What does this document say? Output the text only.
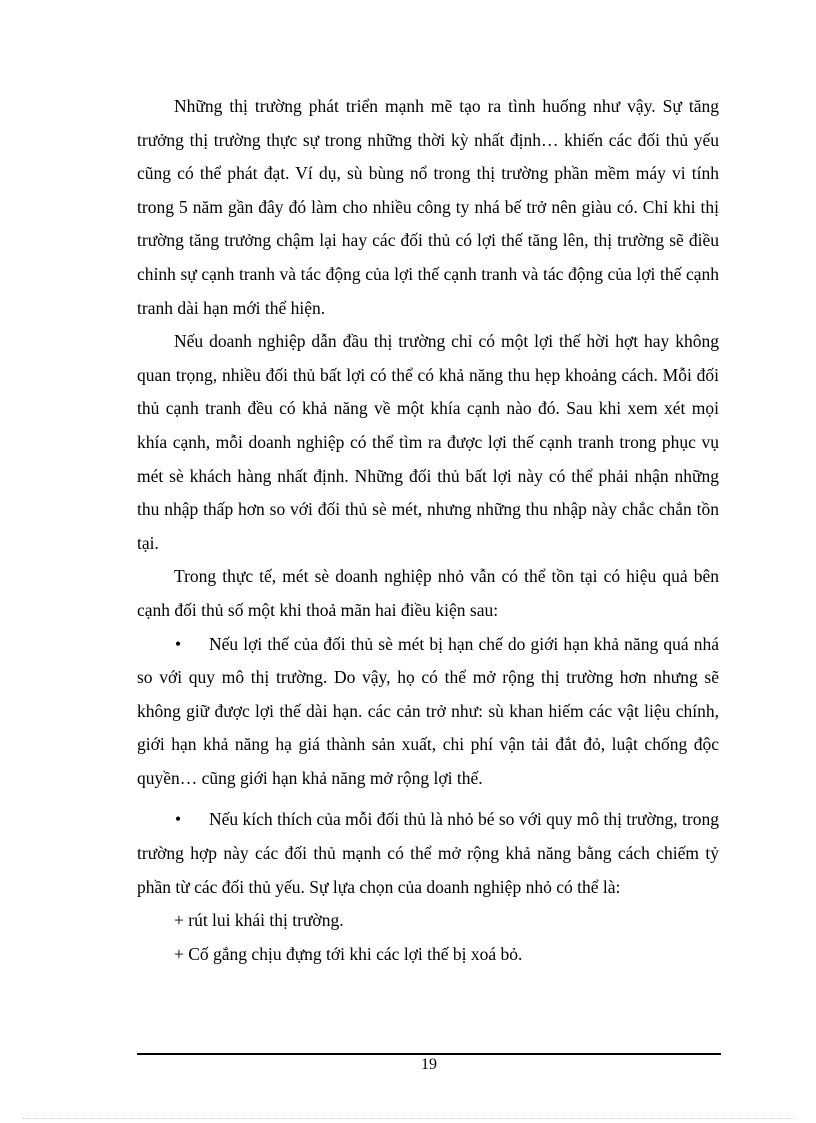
Những thị trường phát triển mạnh mẽ tạo ra tình huống như vậy. Sự tăng trưởng thị trường thực sự trong những thời kỳ nhất định… khiến các đối thủ yếu cũng có thể phát đạt. Ví dụ, sù bùng nổ trong thị trường phần mềm máy vi tính trong 5 năm gần đây đó làm cho nhiều công ty nhá bế trở nên giàu có. Chỉ khi thị trường tăng trưởng chậm lại hay các đối thủ có lợi thế tăng lên, thị trường sẽ điều chỉnh sự cạnh tranh và tác động của lợi thế cạnh tranh và tác động của lợi thế cạnh tranh dài hạn mới thể hiện.

Nếu doanh nghiệp dẫn đầu thị trường chỉ có một lợi thế hời hợt hay không quan trọng, nhiều đối thủ bất lợi có thể có khả năng thu hẹp khoảng cách. Mỗi đối thủ cạnh tranh đều có khả năng về một khía cạnh nào đó. Sau khi xem xét mọi khía cạnh, mỗi doanh nghiệp có thể tìm ra được lợi thế cạnh tranh trong phục vụ mét sè khách hàng nhất định. Những đối thủ bất lợi này có thể phải nhận những thu nhập thấp hơn so với đối thủ sè mét, nhưng những thu nhập này chắc chắn tồn tại.

Trong thực tế, mét sè doanh nghiệp nhỏ vẫn có thể tồn tại có hiệu quả bên cạnh đối thủ số một khi thoả mãn hai điều kiện sau:

• Nếu lợi thế của đối thủ sè mét bị hạn chế do giới hạn khả năng quá nhá so với quy mô thị trường. Do vậy, họ có thể mở rộng thị trường hơn nhưng sẽ không giữ được lợi thế dài hạn. các cản trở như: sù khan hiếm các vật liệu chính, giới hạn khả năng hạ giá thành sản xuất, chi phí vận tải đắt đỏ, luật chống độc quyền… cũng giới hạn khả năng mở rộng lợi thế.

• Nếu kích thích của mỗi đối thủ là nhỏ bé so với quy mô thị trường, trong trường hợp này các đối thủ mạnh có thể mở rộng khả năng bằng cách chiếm tỷ phần từ các đối thủ yếu. Sự lựa chọn của doanh nghiệp nhỏ có thể là:

+ rút lui khái thị trường.

+ Cố gắng chịu đựng tới khi các lợi thế bị xoá bỏ.

19
